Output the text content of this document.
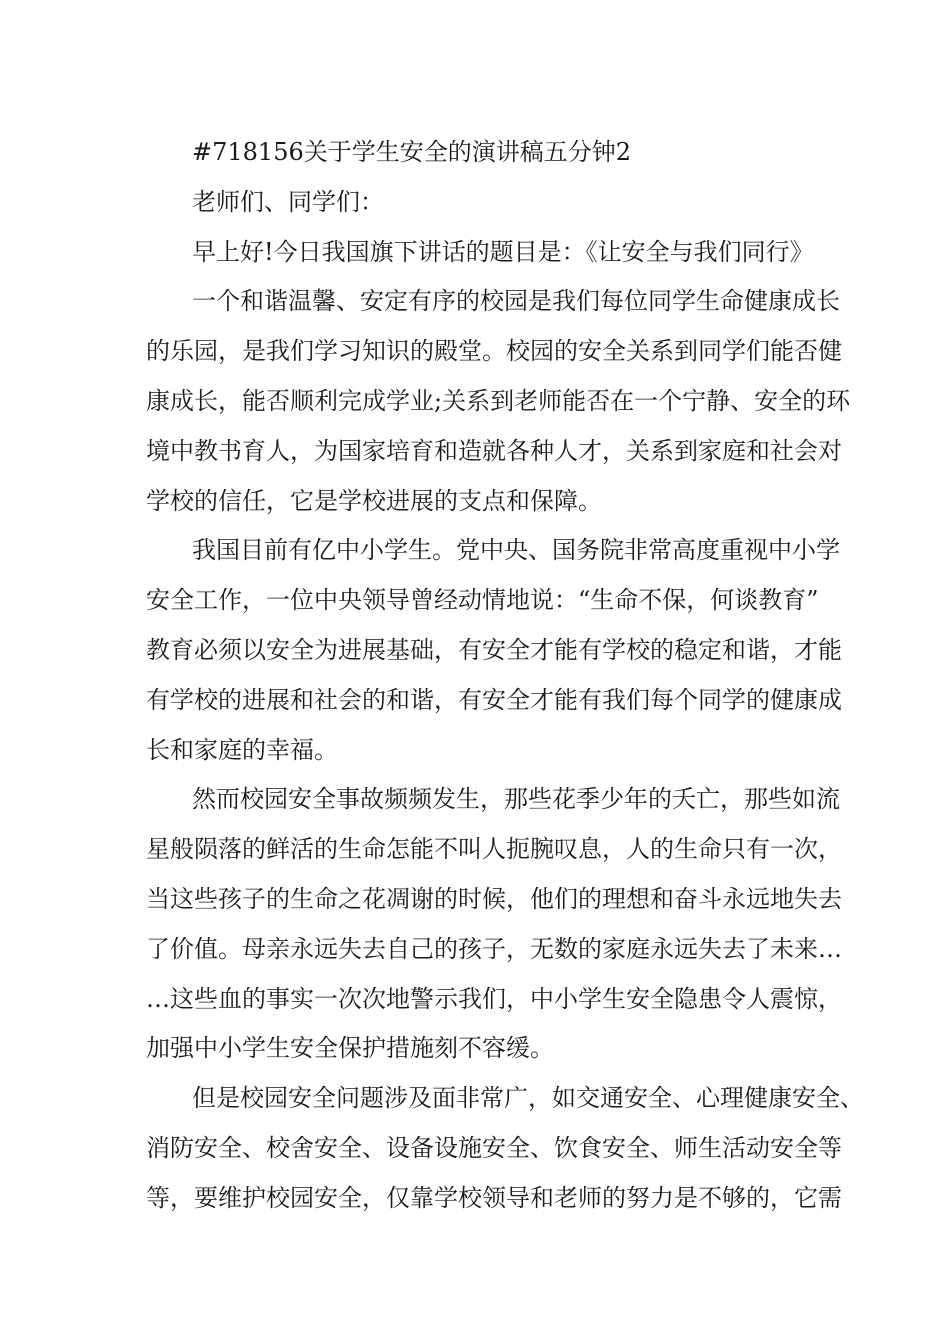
#718156关于学生安全的演讲稿五分钟2
老师们、同学们：
早上好!今日我国旗下讲话的题目是：《让安全与我们同行》
一个和谐温馨、安定有序的校园是我们每位同学生命健康成长
的乐园，是我们学习知识的殿堂。校园的安全关系到同学们能否健
康成长，能否顺利完成学业;关系到老师能否在一个宁静、安全的环
境中教书育人，为国家培育和造就各种人才，关系到家庭和社会对
学校的信任，它是学校进展的支点和保障。
我国目前有亿中小学生。党中央、国务院非常高度重视中小学
安全工作，一位中央领导曾经动情地说：“生命不保，何谈教育”
教育必须以安全为进展基础，有安全才能有学校的稳定和谐，才能
有学校的进展和社会的和谐，有安全才能有我们每个同学的健康成
长和家庭的幸福。
然而校园安全事故频频发生，那些花季少年的夭亡，那些如流
星般陨落的鲜活的生命怎能不叫人扼腕叹息，人的生命只有一次，
当这些孩子的生命之花凋谢的时候，他们的理想和奋斗永远地失去
了价值。母亲永远失去自己的孩子，无数的家庭永远失去了未来…
…这些血的事实一次次地警示我们，中小学生安全隐患令人震惊，
加强中小学生安全保护措施刻不容缓。
但是校园安全问题涉及面非常广，如交通安全、心理健康安全、
消防安全、校舍安全、设备设施安全、饮食安全、师生活动安全等
等，要维护校园安全，仅靠学校领导和老师的努力是不够的，它需
